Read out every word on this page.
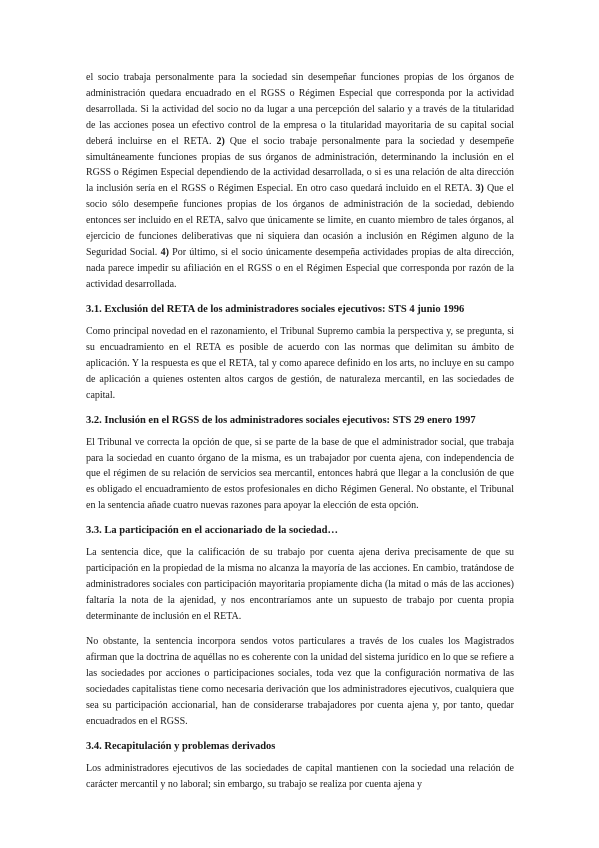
el socio trabaja personalmente para la sociedad sin desempeñar funciones propias de los órganos de administración quedara encuadrado en el RGSS o Régimen Especial que corresponda por la actividad desarrollada. Si la actividad del socio no da lugar a una percepción del salario y a través de la titularidad de las acciones posea un efectivo control de la empresa o la titularidad mayoritaria de su capital social deberá incluirse en el RETA. 2) Que el socio trabaje personalmente para la sociedad y desempeñe simultáneamente funciones propias de sus órganos de administración, determinando la inclusión en el RGSS o Régimen Especial dependiendo de la actividad desarrollada, o si es una relación de alta dirección la inclusión sería en el RGSS o Régimen Especial. En otro caso quedará incluido en el RETA. 3) Que el socio sólo desempeñe funciones propias de los órganos de administración de la sociedad, debiendo entonces ser incluido en el RETA, salvo que únicamente se limite, en cuanto miembro de tales órganos, al ejercicio de funciones deliberativas que ni siquiera dan ocasión a inclusión en Régimen alguno de la Seguridad Social. 4) Por último, si el socio únicamente desempeña actividades propias de alta dirección, nada parece impedir su afiliación en el RGSS o en el Régimen Especial que corresponda por razón de la actividad desarrollada.

3.1. Exclusión del RETA de los administradores sociales ejecutivos: STS 4 junio 1996

Como principal novedad en el razonamiento, el Tribunal Supremo cambia la perspectiva y, se pregunta, si su encuadramiento en el RETA es posible de acuerdo con las normas que delimitan su ámbito de aplicación. Y la respuesta es que el RETA, tal y como aparece definido en los arts, no incluye en su campo de aplicación a quienes ostenten altos cargos de gestión, de naturaleza mercantil, en las sociedades de capital.

3.2. Inclusión en el RGSS de los administradores sociales ejecutivos: STS 29 enero 1997

El Tribunal ve correcta la opción de que, si se parte de la base de que el administrador social, que trabaja para la sociedad en cuanto órgano de la misma, es un trabajador por cuenta ajena, con independencia de que el régimen de su relación de servicios sea mercantil, entonces habrá que llegar a la conclusión de que es obligado el encuadramiento de estos profesionales en dicho Régimen General. No obstante, el Tribunal en la sentencia añade cuatro nuevas razones para apoyar la elección de esta opción.

3.3. La participación en el accionariado de la sociedad…

La sentencia dice, que la calificación de su trabajo por cuenta ajena deriva precisamente de que su participación en la propiedad de la misma no alcanza la mayoría de las acciones. En cambio, tratándose de administradores sociales con participación mayoritaria propiamente dicha (la mitad o más de las acciones) faltaría la nota de la ajenidad, y nos encontraríamos ante un supuesto de trabajo por cuenta propia determinante de inclusión en el RETA.

No obstante, la sentencia incorpora sendos votos particulares a través de los cuales los Magistrados afirman que la doctrina de aquéllas no es coherente con la unidad del sistema jurídico en lo que se refiere a las sociedades por acciones o participaciones sociales, toda vez que la configuración normativa de las sociedades capitalistas tiene como necesaria derivación que los administradores ejecutivos, cualquiera que sea su participación accionarial, han de considerarse trabajadores por cuenta ajena y, por tanto, quedar encuadrados en el RGSS.

3.4. Recapitulación y problemas derivados

Los administradores ejecutivos de las sociedades de capital mantienen con la sociedad una relación de carácter mercantil y no laboral; sin embargo, su trabajo se realiza por cuenta ajena y
